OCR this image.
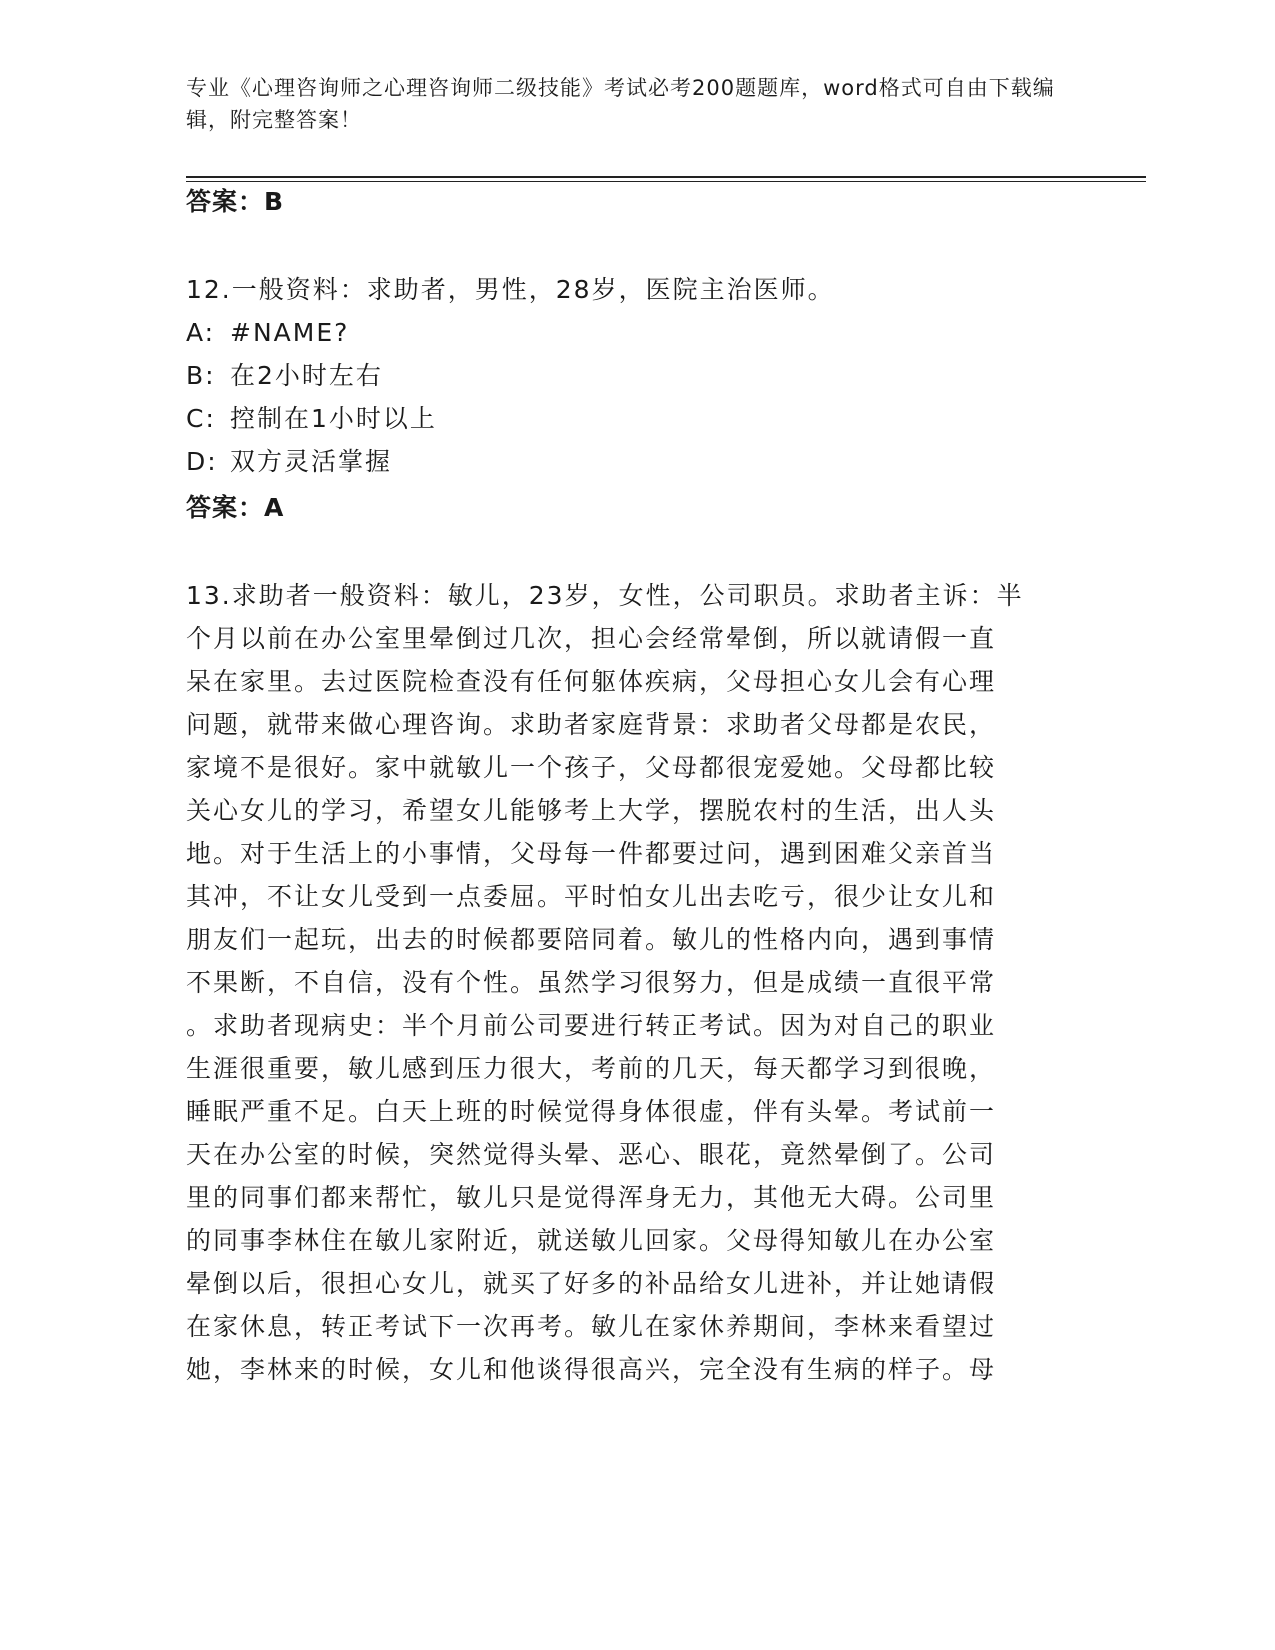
专业《心理咨询师之心理咨询师二级技能》考试必考200题题库，word格式可自由下载编辑，附完整答案！
答案：B
12.一般资料：求助者，男性，28岁，医院主治医师。
A: #NAME?
B: 在2小时左右
C: 控制在1小时以上
D: 双方灵活掌握
答案：A
13.求助者一般资料：敏儿，23岁，女性，公司职员。求助者主诉：半
个月以前在办公室里晕倒过几次，担心会经常晕倒，所以就请假一直
呆在家里。去过医院检查没有任何躯体疾病，父母担心女儿会有心理
问题，就带来做心理咨询。求助者家庭背景：求助者父母都是农民，
家境不是很好。家中就敏儿一个孩子，父母都很宠爱她。父母都比较
关心女儿的学习，希望女儿能够考上大学，摆脱农村的生活，出人头
地。对于生活上的小事情，父母每一件都要过问，遇到困难父亲首当
其冲，不让女儿受到一点委屈。平时怕女儿出去吃亏，很少让女儿和
朋友们一起玩，出去的时候都要陪同着。敏儿的性格内向，遇到事情
不果断，不自信，没有个性。虽然学习很努力，但是成绩一直很平常
。求助者现病史：半个月前公司要进行转正考试。因为对自己的职业
生涯很重要，敏儿感到压力很大，考前的几天，每天都学习到很晚，
睡眠严重不足。白天上班的时候觉得身体很虚，伴有头晕。考试前一
天在办公室的时候，突然觉得头晕、恶心、眼花，竟然晕倒了。公司
里的同事们都来帮忙，敏儿只是觉得浑身无力，其他无大碍。公司里
的同事李林住在敏儿家附近，就送敏儿回家。父母得知敏儿在办公室
晕倒以后，很担心女儿，就买了好多的补品给女儿进补，并让她请假
在家休息，转正考试下一次再考。敏儿在家休养期间，李林来看望过
她，李林来的时候，女儿和他谈得很高兴，完全没有生病的样子。母
